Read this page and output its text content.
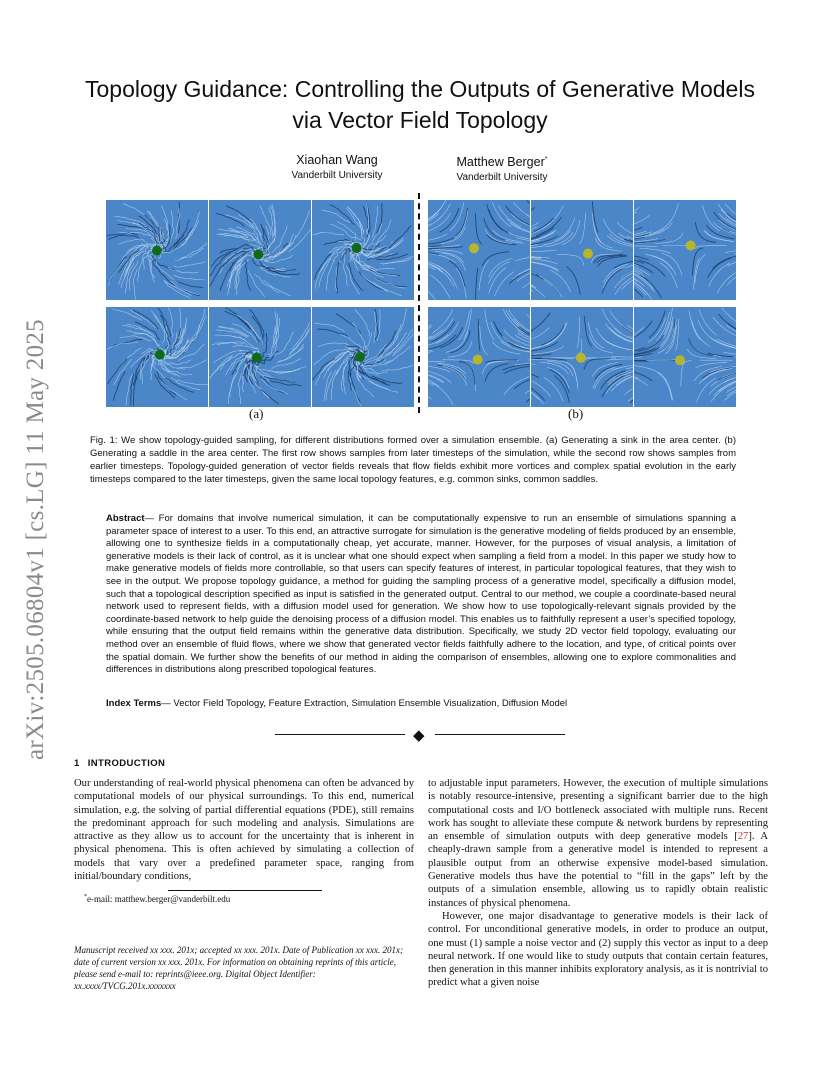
arXiv:2505.06804v1 [cs.LG] 11 May 2025
Topology Guidance: Controlling the Outputs of Generative Models via Vector Field Topology
Xiaohan Wang
Vanderbilt University
Matthew Berger*
Vanderbilt University
(a)	(b)
Fig. 1: We show topology-guided sampling, for different distributions formed over a simulation ensemble. (a) Generating a sink in the area center. (b) Generating a saddle in the area center. The first row shows samples from later timesteps of the simulation, while the second row shows samples from earlier timesteps. Topology-guided generation of vector fields reveals that flow fields exhibit more vortices and complex spatial evolution in the early timesteps compared to the later timesteps, given the same local topology features, e.g. common sinks, common saddles.
Abstract— For domains that involve numerical simulation, it can be computationally expensive to run an ensemble of simulations spanning a parameter space of interest to a user. To this end, an attractive surrogate for simulation is the generative modeling of fields produced by an ensemble, allowing one to synthesize fields in a computationally cheap, yet accurate, manner. However, for the purposes of visual analysis, a limitation of generative models is their lack of control, as it is unclear what one should expect when sampling a field from a model. In this paper we study how to make generative models of fields more controllable, so that users can specify features of interest, in particular topological features, that they wish to see in the output. We propose topology guidance, a method for guiding the sampling process of a generative model, specifically a diffusion model, such that a topological description specified as input is satisfied in the generated output. Central to our method, we couple a coordinate-based neural network used to represent fields, with a diffusion model used for generation. We show how to use topologically-relevant signals provided by the coordinate-based network to help guide the denoising process of a diffusion model. This enables us to faithfully represent a user’s specified topology, while ensuring that the output field remains within the generative data distribution. Specifically, we study 2D vector field topology, evaluating our method over an ensemble of fluid flows, where we show that generated vector fields faithfully adhere to the location, and type, of critical points over the spatial domain. We further show the benefits of our method in aiding the comparison of ensembles, allowing one to explore commonalities and differences in distributions along prescribed topological features.
Index Terms— Vector Field Topology, Feature Extraction, Simulation Ensemble Visualization, Diffusion Model
◆
1 INTRODUCTION

Our understanding of real-world physical phenomena can often be advanced by computational models of our physical surroundings. To this end, numerical simulation, e.g. the solving of partial differential equations (PDE), still remains the predominant approach for such modeling and analysis. Simulations are attractive as they allow us to account for the uncertainty that is inherent in physical phenomena. This is often achieved by simulating a collection of models that vary over a predefined parameter space, ranging from initial/boundary conditions,

*e-mail: matthew.berger@vanderbilt.edu
Manuscript received xx xxx. 201x; accepted xx xxx. 201x. Date of Publication xx xxx. 201x; date of current version xx xxx. 201x. For information on obtaining reprints of this article, please send e-mail to: reprints@ieee.org. Digital Object Identifier: xx.xxxx/TVCG.201x.xxxxxxx

to adjustable input parameters. However, the execution of multiple simulations is notably resource-intensive, presenting a significant barrier due to the high computational costs and I/O bottleneck associated with multiple runs. Recent work has sought to alleviate these compute & network burdens by representing an ensemble of simulation outputs with deep generative models [27]. A cheaply-drawn sample from a generative model is intended to represent a plausible output from an otherwise expensive model-based simulation. Generative models thus have the potential to “fill in the gaps” left by the outputs of a simulation ensemble, allowing us to rapidly obtain realistic instances of physical phenomena.

However, one major disadvantage to generative models is their lack of control. For unconditional generative models, in order to produce an output, one must (1) sample a noise vector and (2) supply this vector as input to a deep neural network. If one would like to study outputs that contain certain features, then generation in this manner inhibits exploratory analysis, as it is nontrivial to predict what a given noise
